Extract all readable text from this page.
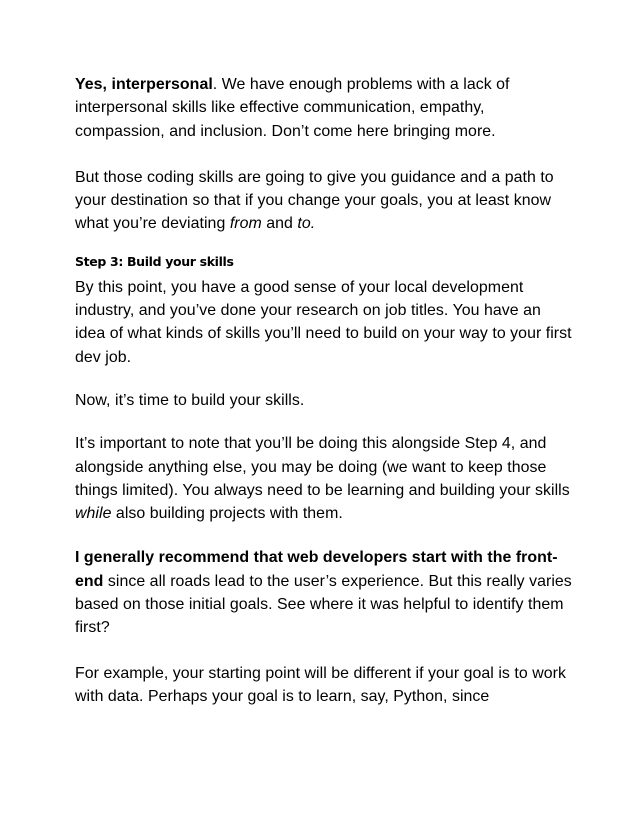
Yes, interpersonal. We have enough problems with a lack of interpersonal skills like effective communication, empathy, compassion, and inclusion. Don’t come here bringing more.

But those coding skills are going to give you guidance and a path to your destination so that if you change your goals, you at least know what you’re deviating from and to.

Step 3: Build your skills

By this point, you have a good sense of your local development industry, and you’ve done your research on job titles. You have an idea of what kinds of skills you’ll need to build on your way to your first dev job.

Now, it’s time to build your skills.

It’s important to note that you’ll be doing this alongside Step 4, and alongside anything else, you may be doing (we want to keep those things limited). You always need to be learning and building your skills while also building projects with them.

I generally recommend that web developers start with the front-end since all roads lead to the user’s experience. But this really varies based on those initial goals. See where it was helpful to identify them first?

For example, your starting point will be different if your goal is to work with data. Perhaps your goal is to learn, say, Python, since
